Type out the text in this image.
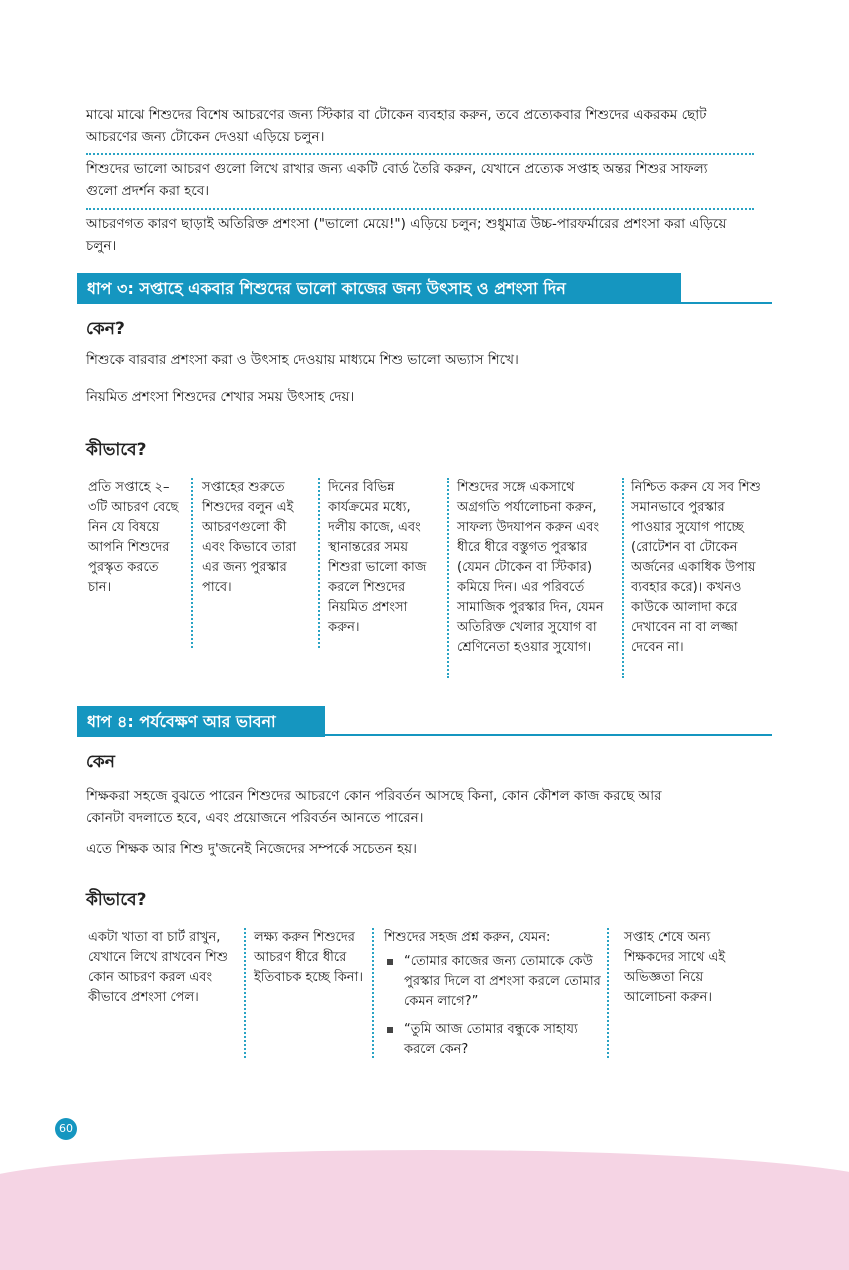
মাঝে মাঝে শিশুদের বিশেষ আচরণের জন্য স্টিকার বা টোকেন ব্যবহার করুন, তবে প্রত্যেকবার শিশুদের একরকম ছোট আচরণের জন্য টোকেন দেওয়া এড়িয়ে চলুন।

শিশুদের ভালো আচরণ গুলো লিখে রাখার জন্য একটি বোর্ড তৈরি করুন, যেখানে প্রত্যেক সপ্তাহ অন্তর শিশুর সাফল্য গুলো প্রদর্শন করা হবে।

আচরণগত কারণ ছাড়াই অতিরিক্ত প্রশংসা ("ভালো মেয়ে!") এড়িয়ে চলুন; শুধুমাত্র উচ্চ-পারফর্মারের প্রশংসা করা এড়িয়ে চলুন।

ধাপ ৩: সপ্তাহে একবার শিশুদের ভালো কাজের জন্য উৎসাহ ও প্রশংসা দিন
কেন?

শিশুকে বারবার প্রশংসা করা ও উৎসাহ দেওয়ায় মাধ্যমে শিশু ভালো অভ্যাস শিখে।

নিয়মিত প্রশংসা শিশুদের শেখার সময় উৎসাহ দেয়।

কীভাবে?

প্রতি সপ্তাহে ২–৩টি আচরণ বেছে নিন যে বিষয়ে আপনি শিশুদের পুরস্কৃত করতে চান।

সপ্তাহের শুরুতে শিশুদের বলুন এই আচরণগুলো কী এবং কিভাবে তারা এর জন্য পুরস্কার পাবে।

দিনের বিভিন্ন কার্যক্রমের মধ্যে, দলীয় কাজে, এবং স্থানান্তরের সময় শিশুরা ভালো কাজ করলে শিশুদের নিয়মিত প্রশংসা করুন।

শিশুদের সঙ্গে একসাথে অগ্রগতি পর্যালোচনা করুন, সাফল্য উদযাপন করুন এবং ধীরে ধীরে বস্তুগত পুরস্কার (যেমন টোকেন বা স্টিকার) কমিয়ে দিন। এর পরিবর্তে সামাজিক পুরস্কার দিন, যেমন অতিরিক্ত খেলার সুযোগ বা শ্রেণিনেতা হওয়ার সুযোগ।

নিশ্চিত করুন যে সব শিশু সমানভাবে পুরস্কার পাওয়ার সুযোগ পাচ্ছে (রোটেশন বা টোকেন অর্জনের একাধিক উপায় ব্যবহার করে)। কখনও কাউকে আলাদা করে দেখাবেন না বা লজ্জা দেবেন না।

ধাপ ৪: পর্যবেক্ষণ আর ভাবনা
কেন

শিক্ষকরা সহজে বুঝতে পারেন শিশুদের আচরণে কোন পরিবর্তন আসছে কিনা, কোন কৌশল কাজ করছে আর কোনটা বদলাতে হবে, এবং প্রয়োজনে পরিবর্তন আনতে পারেন।

এতে শিক্ষক আর শিশু দু'জনেই নিজেদের সম্পর্কে সচেতন হয়।

কীভাবে?

একটা খাতা বা চার্ট রাখুন, যেখানে লিখে রাখবেন শিশু কোন আচরণ করল এবং কীভাবে প্রশংসা পেল।

লক্ষ্য করুন শিশুদের আচরণ ধীরে ধীরে ইতিবাচক হচ্ছে কিনা।

শিশুদের সহজ প্রশ্ন করুন, যেমন:
“তোমার কাজের জন্য তোমাকে কেউ পুরস্কার দিলে বা প্রশংসা করলে তোমার কেমন লাগে?”
“তুমি আজ তোমার বন্ধুকে সাহায্য করলে কেন?

সপ্তাহ শেষে অন্য শিক্ষকদের সাথে এই অভিজ্ঞতা নিয়ে আলোচনা করুন।

60
